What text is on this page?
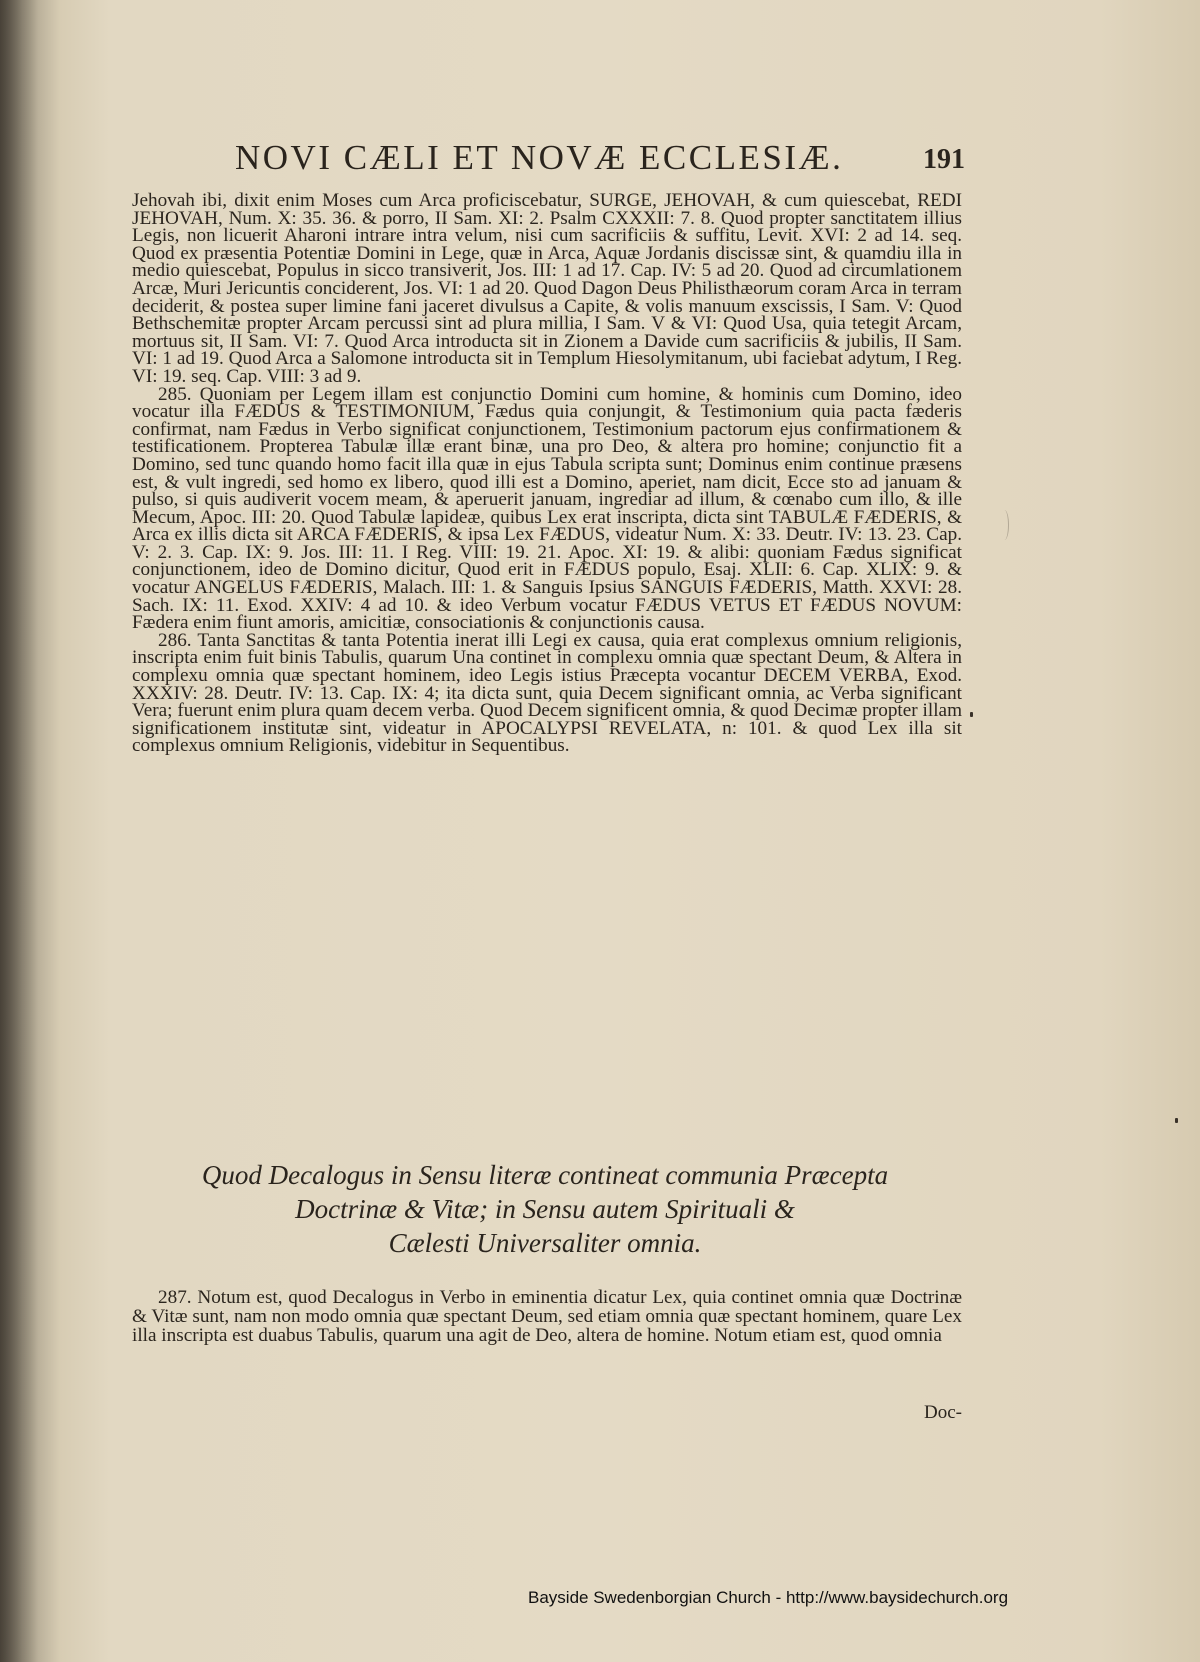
NOVI CÆLI ET NOVÆ ECCLESIÆ.	191

Jehovah ibi, dixit enim Moses cum Arca proficiscebatur, SURGE, JEHOVAH, & cum quiescebat, REDI JEHOVAH, Num. X: 35. 36. & porro, II Sam. XI: 2. Psalm CXXXII: 7. 8. Quod propter sanctitatem illius Legis, non licuerit Aharoni intrare intra velum, nisi cum sacrificiis & suffitu, Levit. XVI: 2 ad 14. seq. Quod ex præsentia Potentiæ Domini in Lege, quæ in Arca, Aquæ Jordanis discissæ sint, & quamdiu illa in medio quiescebat, Populus in sicco transiverit, Jos. III: 1 ad 17. Cap. IV: 5 ad 20. Quod ad circumlationem Arcæ, Muri Jericuntis conciderent, Jos. VI: 1 ad 20. Quod Dagon Deus Philisthæorum coram Arca in terram deciderit, & postea super limine fani jaceret divulsus a Capite, & volis manuum exscissis, I Sam. V: Quod Bethschemitæ propter Arcam percussi sint ad plura millia, I Sam. V & VI: Quod Usa, quia tetegit Arcam, mortuus sit, II Sam. VI: 7. Quod Arca introducta sit in Zionem a Davide cum sacrificiis & jubilis, II Sam. VI: 1 ad 19. Quod Arca a Salomone introducta sit in Templum Hiesolymitanum, ubi faciebat adytum, I Reg. VI: 19. seq. Cap. VIII: 3 ad 9.

285. Quoniam per Legem illam est conjunctio Domini cum homine, & hominis cum Domino, ideo vocatur illa FÆDUS & TESTIMONIUM, Fædus quia conjungit, & Testimonium quia pacta fæderis confirmat, nam Fædus in Verbo significat conjunctionem, Testimonium pactorum ejus confirmationem & testificationem. Propterea Tabulæ illæ erant binæ, una pro Deo, & altera pro homine; conjunctio fit a Domino, sed tunc quando homo facit illa quæ in ejus Tabula scripta sunt; Dominus enim continue præsens est, & vult ingredi, sed homo ex libero, quod illi est a Domino, aperiet, nam dicit, Ecce sto ad januam & pulso, si quis audiverit vocem meam, & aperuerit januam, ingrediar ad illum, & cœnabo cum illo, & ille Mecum, Apoc. III: 20. Quod Tabulæ lapideæ, quibus Lex erat inscripta, dicta sint TABULÆ FÆDERIS, & Arca ex illis dicta sit ARCA FÆDERIS, & ipsa Lex FÆDUS, videatur Num. X: 33. Deutr. IV: 13. 23. Cap. V: 2. 3. Cap. IX: 9. Jos. III: 11. I Reg. VIII: 19. 21. Apoc. XI: 19. & alibi: quoniam Fædus significat conjunctionem, ideo de Domino dicitur, Quod erit in FÆDUS populo, Esaj. XLII: 6. Cap. XLIX: 9. & vocatur ANGELUS FÆDERIS, Malach. III: 1. & Sanguis Ipsius SANGUIS FÆDERIS, Matth. XXVI: 28. Sach. IX: 11. Exod. XXIV: 4 ad 10. & ideo Verbum vocatur FÆDUS VETUS ET FÆDUS NOVUM: Fædera enim fiunt amoris, amicitiæ, consociationis & conjunctionis causa.

286. Tanta Sanctitas & tanta Potentia inerat illi Legi ex causa, quia erat complexus omnium religionis, inscripta enim fuit binis Tabulis, quarum Una continet in complexu omnia quæ spectant Deum, & Altera in complexu omnia quæ spectant hominem, ideo Legis istius Præcepta vocantur DECEM VERBA, Exod. XXXIV: 28. Deutr. IV: 13. Cap. IX: 4; ita dicta sunt, quia Decem significant omnia, ac Verba significant Vera; fuerunt enim plura quam decem verba. Quod Decem significent omnia, & quod Decimæ propter illam significationem institutæ sint, videatur in APOCALYPSI REVELATA, n: 101. & quod Lex illa sit complexus omnium Religionis, videbitur in Sequentibus.

Quod Decalogus in Sensu literæ contineat communia Præcepta
Doctrinæ & Vitæ; in Sensu autem Spirituali &
Cælesti Universaliter omnia.

287. Notum est, quod Decalogus in Verbo in eminentia dicatur Lex, quia continet omnia quæ Doctrinæ & Vitæ sunt, nam non modo omnia quæ spectant Deum, sed etiam omnia quæ spectant hominem, quare Lex illa inscripta est duabus Tabulis, quarum una agit de Deo, altera de homine. Notum etiam est, quod omnia

Doc-
Bayside Swedenborgian Church - http://www.baysidechurch.org
